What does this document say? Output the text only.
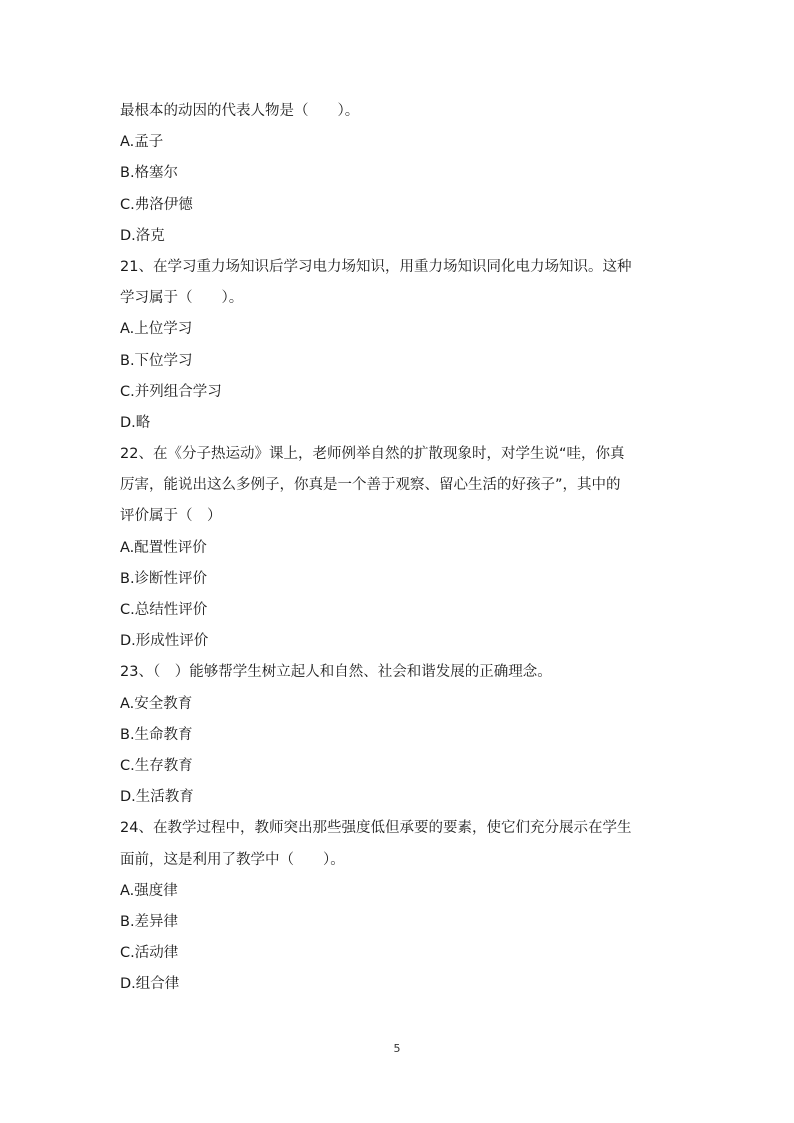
最根本的动因的代表人物是（　　）。
A.孟子
B.格塞尔
C.弗洛伊德
D.洛克
21、在学习重力场知识后学习电力场知识，用重力场知识同化电力场知识。这种
学习属于（　　）。
A.上位学习
B.下位学习
C.并列组合学习
D.略
22、在《分子热运动》课上，老师例举自然的扩散现象时，对学生说“哇，你真
厉害，能说出这么多例子，你真是一个善于观察、留心生活的好孩子”，其中的
评价属于（　）
A.配置性评价
B.诊断性评价
C.总结性评价
D.形成性评价
23、（　）能够帮学生树立起人和自然、社会和谐发展的正确理念。
A.安全教育
B.生命教育
C.生存教育
D.生活教育
24、在教学过程中，教师突出那些强度低但承要的要素，使它们充分展示在学生
面前，这是利用了教学中（　　）。
A.强度律
B.差异律
C.活动律
D.组合律
5
